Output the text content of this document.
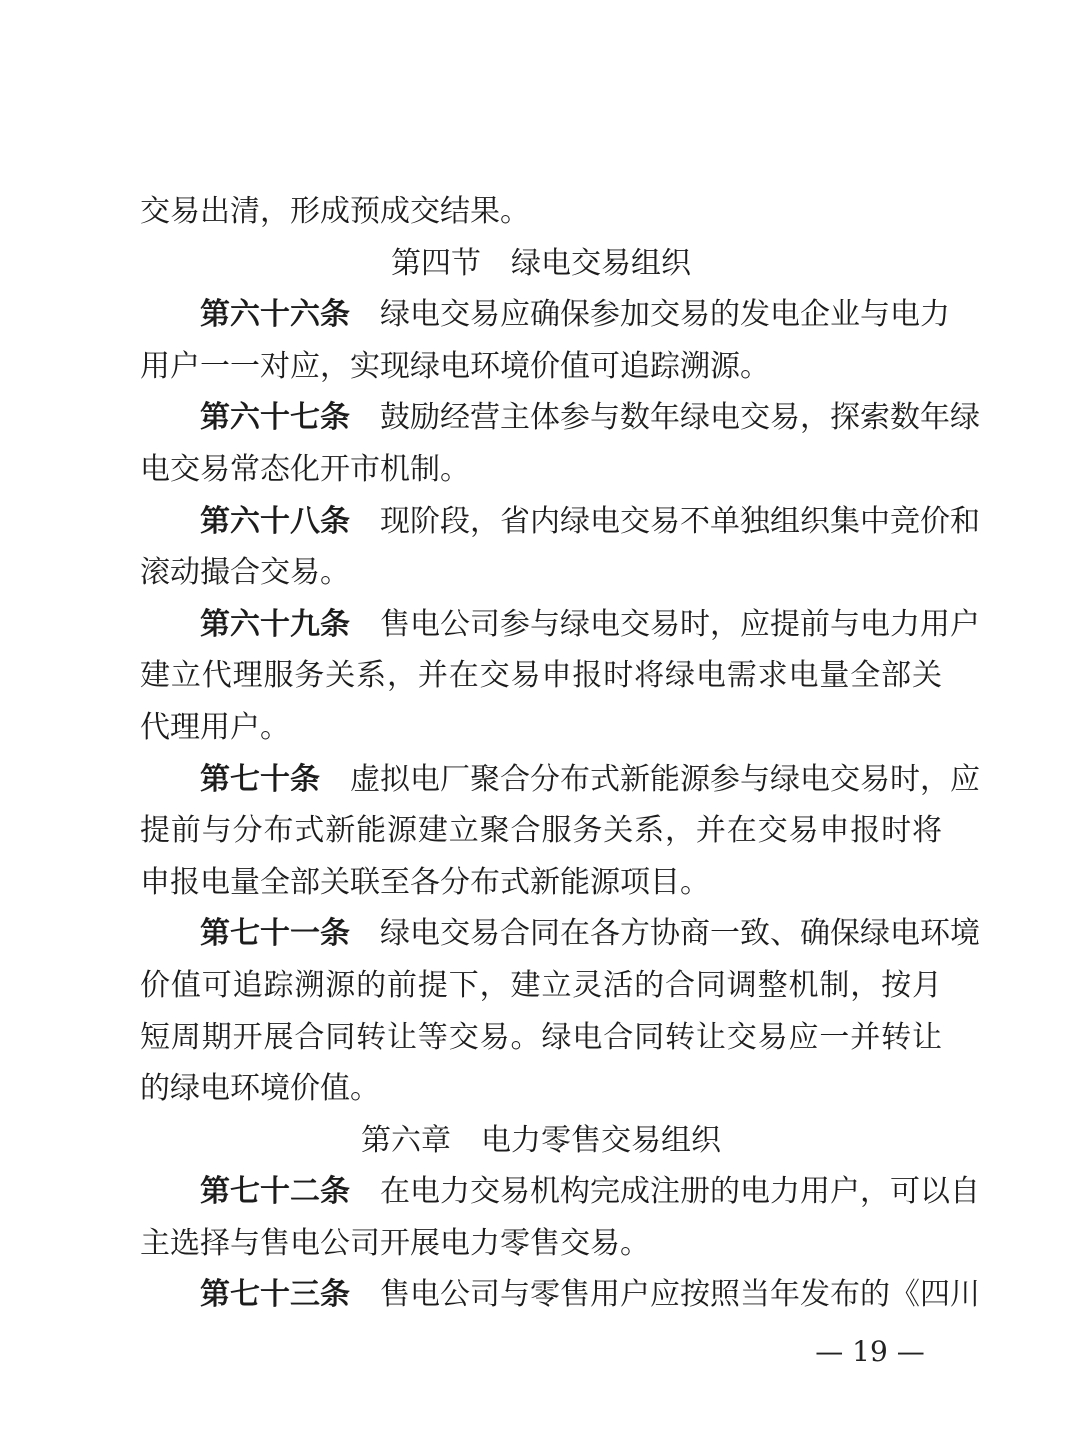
交易出清，形成预成交结果。
第四节 绿电交易组织
第六十六条 绿电交易应确保参加交易的发电企业与电力
用户一一对应，实现绿电环境价值可追踪溯源。
第六十七条 鼓励经营主体参与数年绿电交易，探索数年绿
电交易常态化开市机制。
第六十八条 现阶段，省内绿电交易不单独组织集中竞价和
滚动撮合交易。
第六十九条 售电公司参与绿电交易时，应提前与电力用户
建立代理服务关系，并在交易申报时将绿电需求电量全部关
代理用户。
第七十条 虚拟电厂聚合分布式新能源参与绿电交易时，应
提前与分布式新能源建立聚合服务关系，并在交易申报时将
申报电量全部关联至各分布式新能源项目。
第七十一条 绿电交易合同在各方协商一致、确保绿电环境
价值可追踪溯源的前提下，建立灵活的合同调整机制，按月
短周期开展合同转让等交易。绿电合同转让交易应一并转让
的绿电环境价值。
第六章 电力零售交易组织
第七十二条 在电力交易机构完成注册的电力用户，可以自
主选择与售电公司开展电力零售交易。
第七十三条 售电公司与零售用户应按照当年发布的《四川
— 19 —
